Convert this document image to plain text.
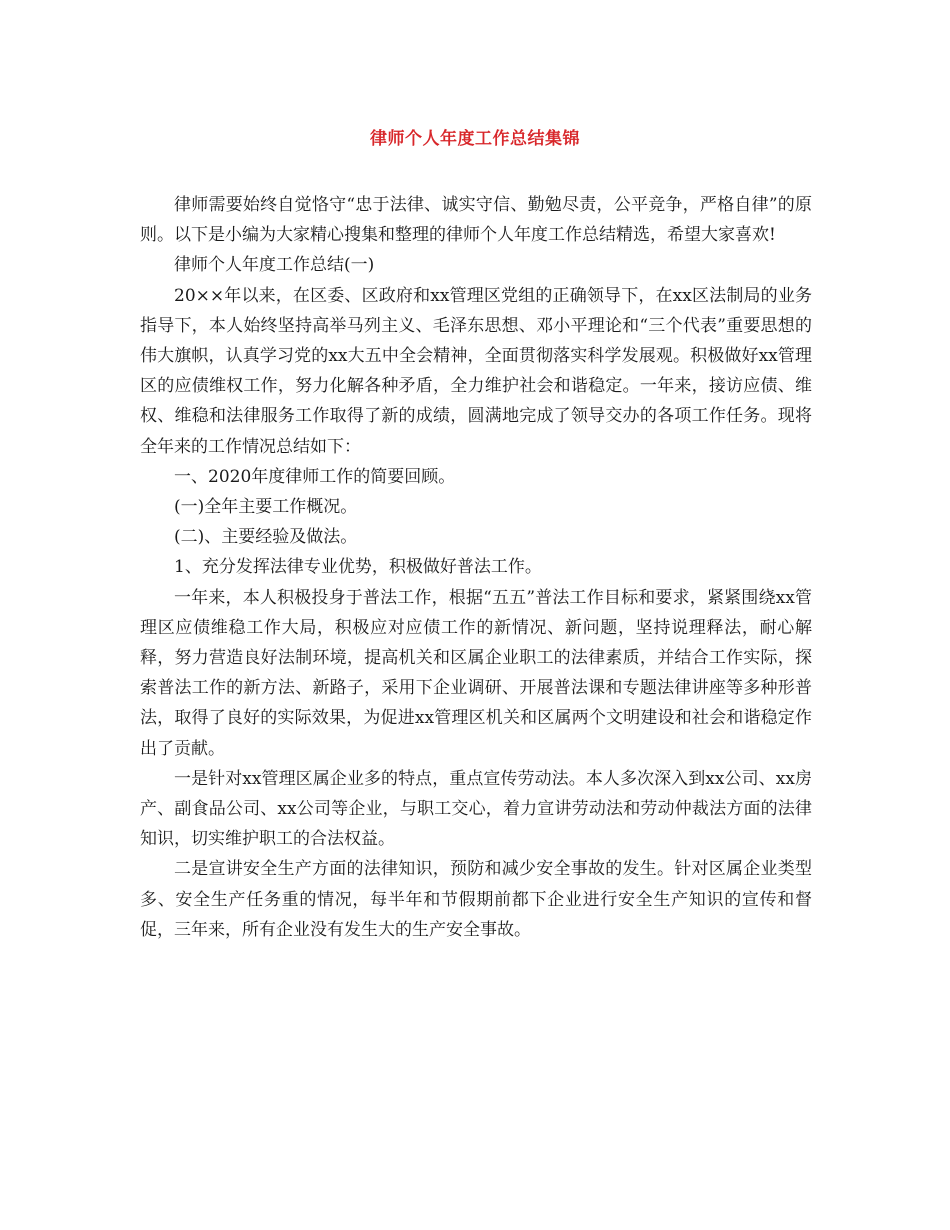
律师个人年度工作总结集锦

律师需要始终自觉恪守“忠于法律、诚实守信、勤勉尽责，公平竞争，严格自律”的原则。以下是小编为大家精心搜集和整理的律师个人年度工作总结精选，希望大家喜欢!

律师个人年度工作总结(一)

20××年以来，在区委、区政府和xx管理区党组的正确领导下，在xx区法制局的业务指导下，本人始终坚持高举马列主义、毛泽东思想、邓小平理论和“三个代表”重要思想的伟大旗帜，认真学习党的xx大五中全会精神，全面贯彻落实科学发展观。积极做好xx管理区的应债维权工作，努力化解各种矛盾，全力维护社会和谐稳定。一年来，接访应债、维权、维稳和法律服务工作取得了新的成绩，圆满地完成了领导交办的各项工作任务。现将全年来的工作情况总结如下：

一、2020年度律师工作的简要回顾。

(一)全年主要工作概况。

(二)、主要经验及做法。

1、充分发挥法律专业优势，积极做好普法工作。

一年来，本人积极投身于普法工作，根据“五五”普法工作目标和要求，紧紧围绕xx管理区应债维稳工作大局，积极应对应债工作的新情况、新问题，坚持说理释法，耐心解释，努力营造良好法制环境，提高机关和区属企业职工的法律素质，并结合工作实际，探索普法工作的新方法、新路子，采用下企业调研、开展普法课和专题法律讲座等多种形普法，取得了良好的实际效果，为促进xx管理区机关和区属两个文明建设和社会和谐稳定作出了贡献。

一是针对xx管理区属企业多的特点，重点宣传劳动法。本人多次深入到xx公司、xx房产、副食品公司、xx公司等企业，与职工交心，着力宣讲劳动法和劳动仲裁法方面的法律知识，切实维护职工的合法权益。

二是宣讲安全生产方面的法律知识，预防和减少安全事故的发生。针对区属企业类型多、安全生产任务重的情况，每半年和节假期前都下企业进行安全生产知识的宣传和督促，三年来，所有企业没有发生大的生产安全事故。
